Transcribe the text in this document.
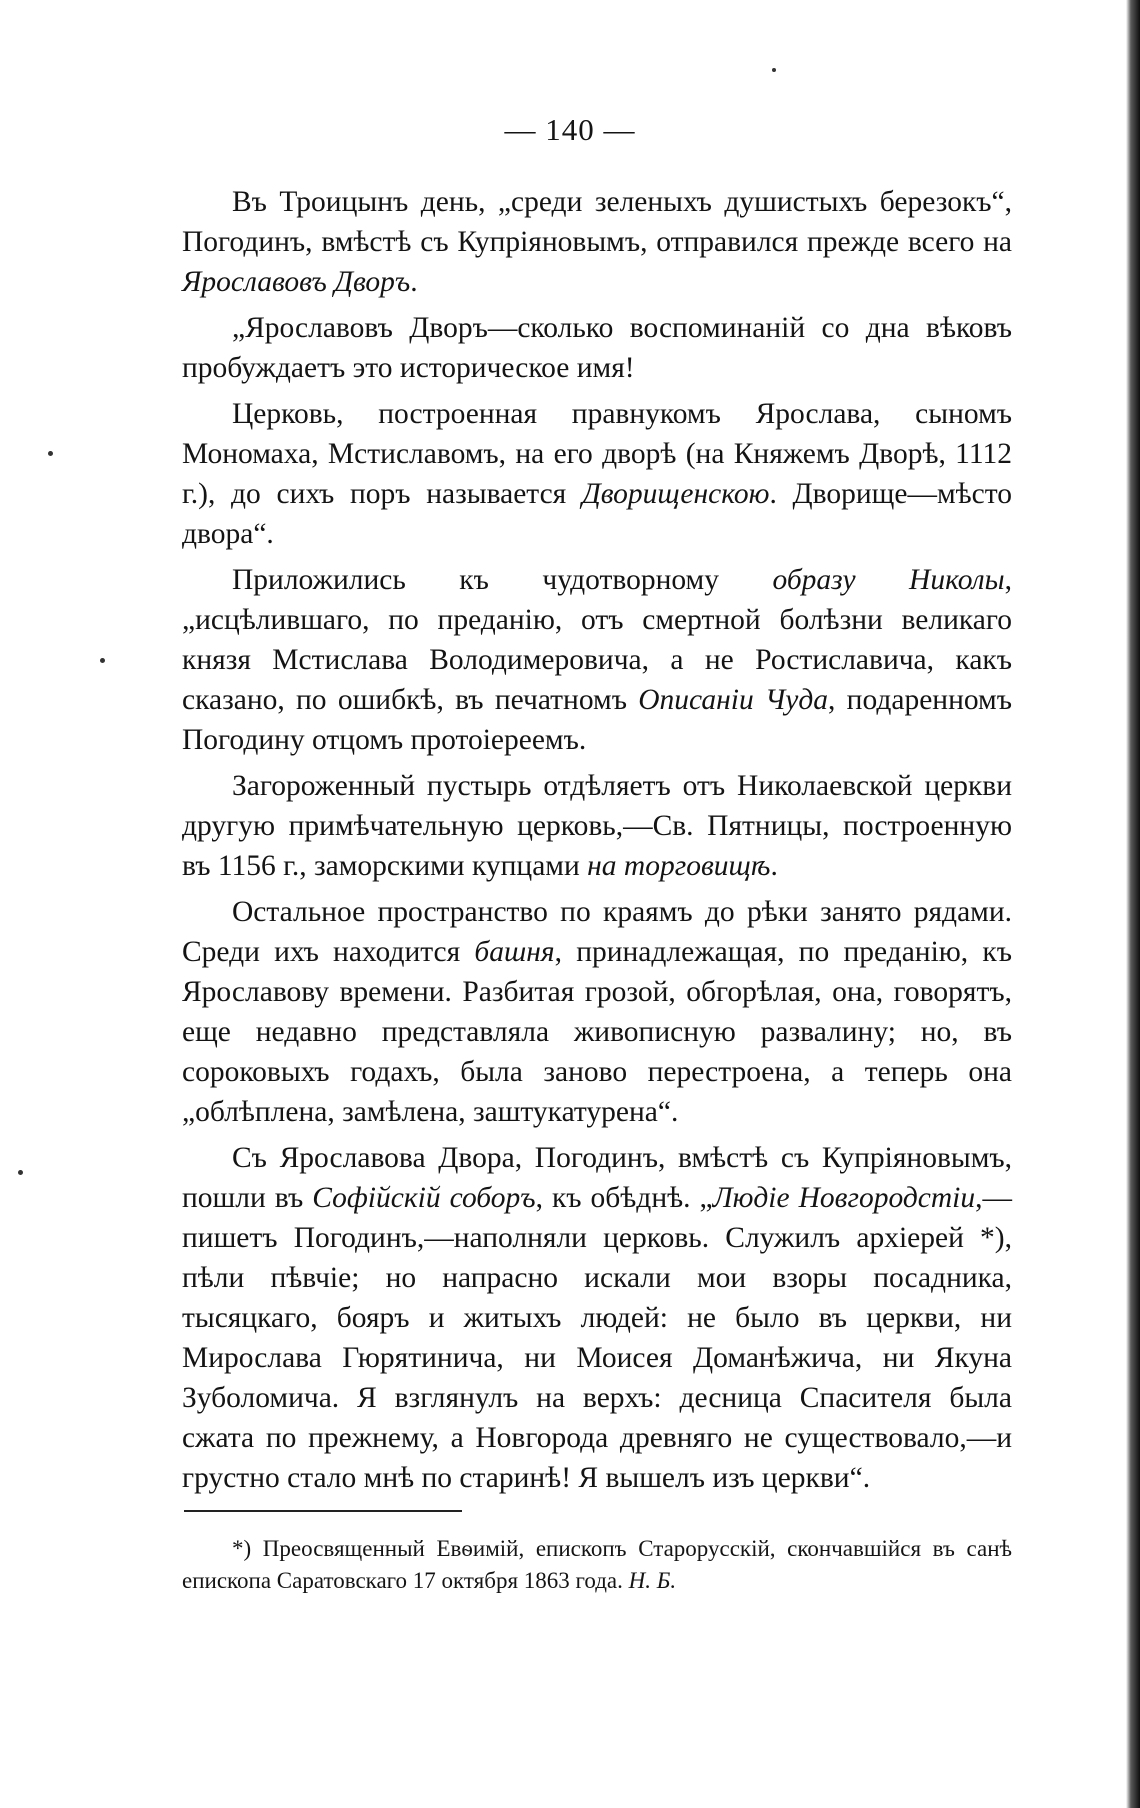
— 140 —

Въ Троицынъ день, „среди зеленыхъ душистыхъ березокъ“, Погодинъ, вмѣстѣ съ Купріяновымъ, отправился прежде всего на Ярославовъ Дворъ.

„Ярославовъ Дворъ—сколько воспоминаній со дна вѣковъ пробуждаетъ это историческое имя!

Церковь, построенная правнукомъ Ярослава, сыномъ Мономаха, Мстиславомъ, на его дворѣ (на Княжемъ Дворѣ, 1112 г.), до сихъ поръ называется Дворищенскою. Дворище—мѣсто двора“.

Приложились къ чудотворному образу Николы, „исцѣлившаго, по преданію, отъ смертной болѣзни великаго князя Мстислава Володимеровича, а не Ростиславича, какъ сказано, по ошибкѣ, въ печатномъ Описаніи Чуда, подаренномъ Погодину отцомъ протоіереемъ.

Загороженный пустырь отдѣляетъ отъ Николаевской церкви другую примѣчательную церковь,—Св. Пятницы, построенную въ 1156 г., заморскими купцами на торговищѣ.

Остальное пространство по краямъ до рѣки занято рядами. Среди ихъ находится башня, принадлежащая, по преданію, къ Ярославову времени. Разбитая грозой, обгорѣлая, она, говорятъ, еще недавно представляла живописную развалину; но, въ сороковыхъ годахъ, была заново перестроена, а теперь она „облѣплена, замѣлена, заштукатурена“.

Съ Ярославова Двора, Погодинъ, вмѣстѣ съ Купріяновымъ, пошли въ Софійскій соборъ, къ обѣднѣ. „Людіе Новгородстіи,—пишетъ Погодинъ,—наполняли церковь. Служилъ архіерей *), пѣли пѣвчіе; но напрасно искали мои взоры посадника, тысяцкаго, бояръ и житыхъ людей: не было въ церкви, ни Мирослава Гюрятинича, ни Моисея Доманѣжича, ни Якуна Зуболомича. Я взглянулъ на верхъ: десница Спасителя была сжата по прежнему, а Новгорода древняго не существовало,—и грустно стало мнѣ по старинѣ! Я вышелъ изъ церкви“.

*) Преосвященный Евѳимій, епископъ Старорусскій, скончавшійся въ санѣ епископа Саратовскаго 17 октября 1863 года. Н. Б.
